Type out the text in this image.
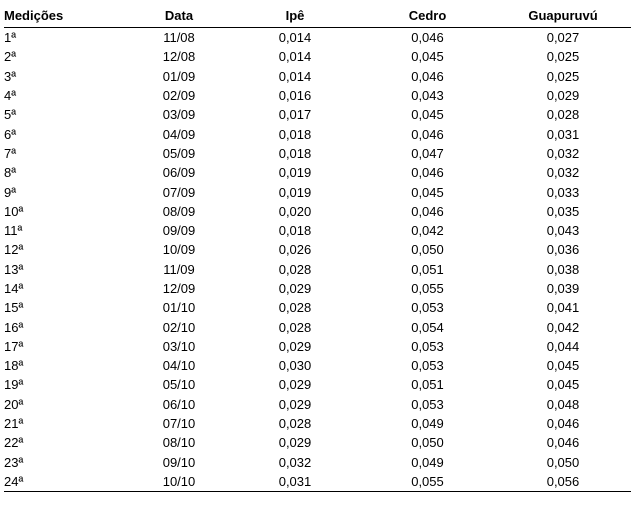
Medições	Data	Ipê	Cedro	Guapuruvú
1ª	11/08	0,014	0,046	0,027
2ª	12/08	0,014	0,045	0,025
3ª	01/09	0,014	0,046	0,025
4ª	02/09	0,016	0,043	0,029
5ª	03/09	0,017	0,045	0,028
6ª	04/09	0,018	0,046	0,031
7ª	05/09	0,018	0,047	0,032
8ª	06/09	0,019	0,046	0,032
9ª	07/09	0,019	0,045	0,033
10ª	08/09	0,020	0,046	0,035
11ª	09/09	0,018	0,042	0,043
12ª	10/09	0,026	0,050	0,036
13ª	11/09	0,028	0,051	0,038
14ª	12/09	0,029	0,055	0,039
15ª	01/10	0,028	0,053	0,041
16ª	02/10	0,028	0,054	0,042
17ª	03/10	0,029	0,053	0,044
18ª	04/10	0,030	0,053	0,045
19ª	05/10	0,029	0,051	0,045
20ª	06/10	0,029	0,053	0,048
21ª	07/10	0,028	0,049	0,046
22ª	08/10	0,029	0,050	0,046
23ª	09/10	0,032	0,049	0,050
24ª	10/10	0,031	0,055	0,056
